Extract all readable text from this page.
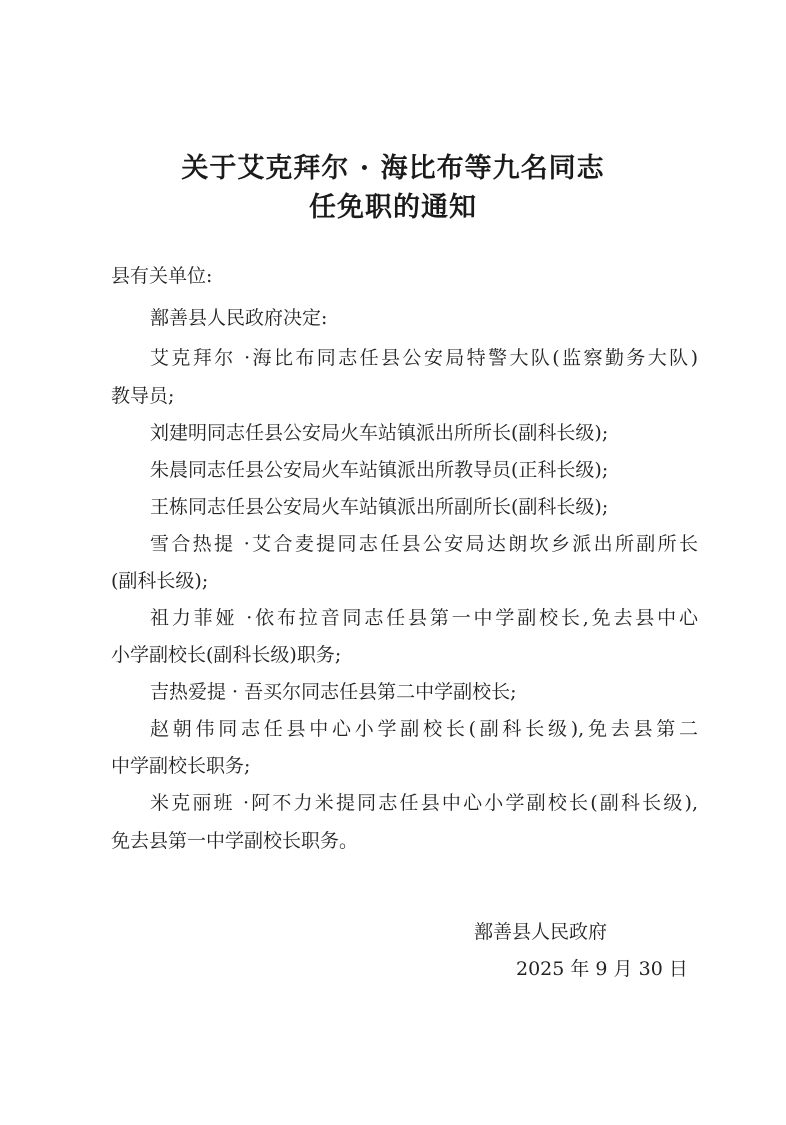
关于艾克拜尔 · 海比布等九名同志
任免职的通知
县有关单位:
鄯善县人民政府决定:
艾克拜尔 ·海比布同志任县公安局特警大队(监察勤务大队)
教导员;
刘建明同志任县公安局火车站镇派出所所长(副科长级);
朱晨同志任县公安局火车站镇派出所教导员(正科长级);
王栋同志任县公安局火车站镇派出所副所长(副科长级);
雪合热提 ·艾合麦提同志任县公安局达朗坎乡派出所副所长
(副科长级);
祖力菲娅 ·依布拉音同志任县第一中学副校长,免去县中心
小学副校长(副科长级)职务;
吉热爱提 · 吾买尔同志任县第二中学副校长;
赵朝伟同志任县中心小学副校长(副科长级),免去县第二
中学副校长职务;
米克丽班 ·阿不力米提同志任县中心小学副校长(副科长级),
免去县第一中学副校长职务。
鄯善县人民政府
2025 年 9 月 30 日
